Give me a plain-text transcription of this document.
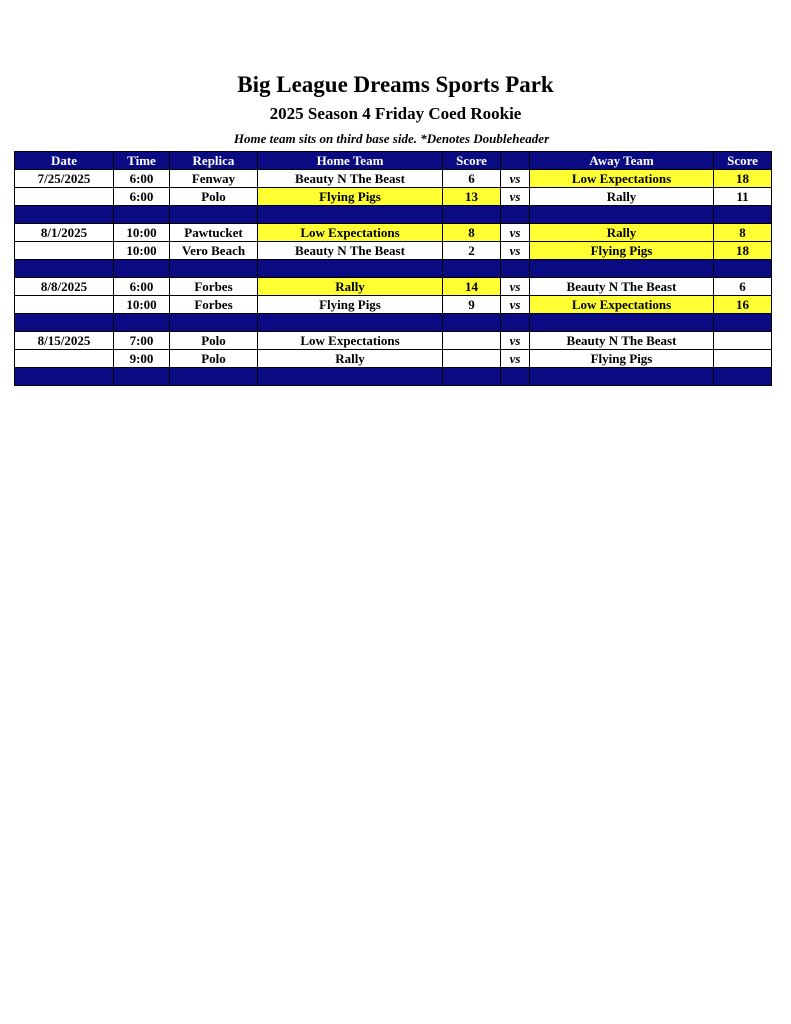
Big League Dreams Sports Park
2025 Season 4 Friday Coed Rookie
Home team sits on third base side. *Denotes Doubleheader
Date	Time	Replica	Home Team	Score		Away Team	Score
7/25/2025	6:00	Fenway	Beauty N The Beast	6	vs	Low Expectations	18
	6:00	Polo	Flying Pigs	13	vs	Rally	11

8/1/2025	10:00	Pawtucket	Low Expectations	8	vs	Rally	8
	10:00	Vero Beach	Beauty N The Beast	2	vs	Flying Pigs	18

8/8/2025	6:00	Forbes	Rally	14	vs	Beauty N The Beast	6
	10:00	Forbes	Flying Pigs	9	vs	Low Expectations	16

8/15/2025	7:00	Polo	Low Expectations		vs	Beauty N The Beast	
	9:00	Polo	Rally		vs	Flying Pigs	
